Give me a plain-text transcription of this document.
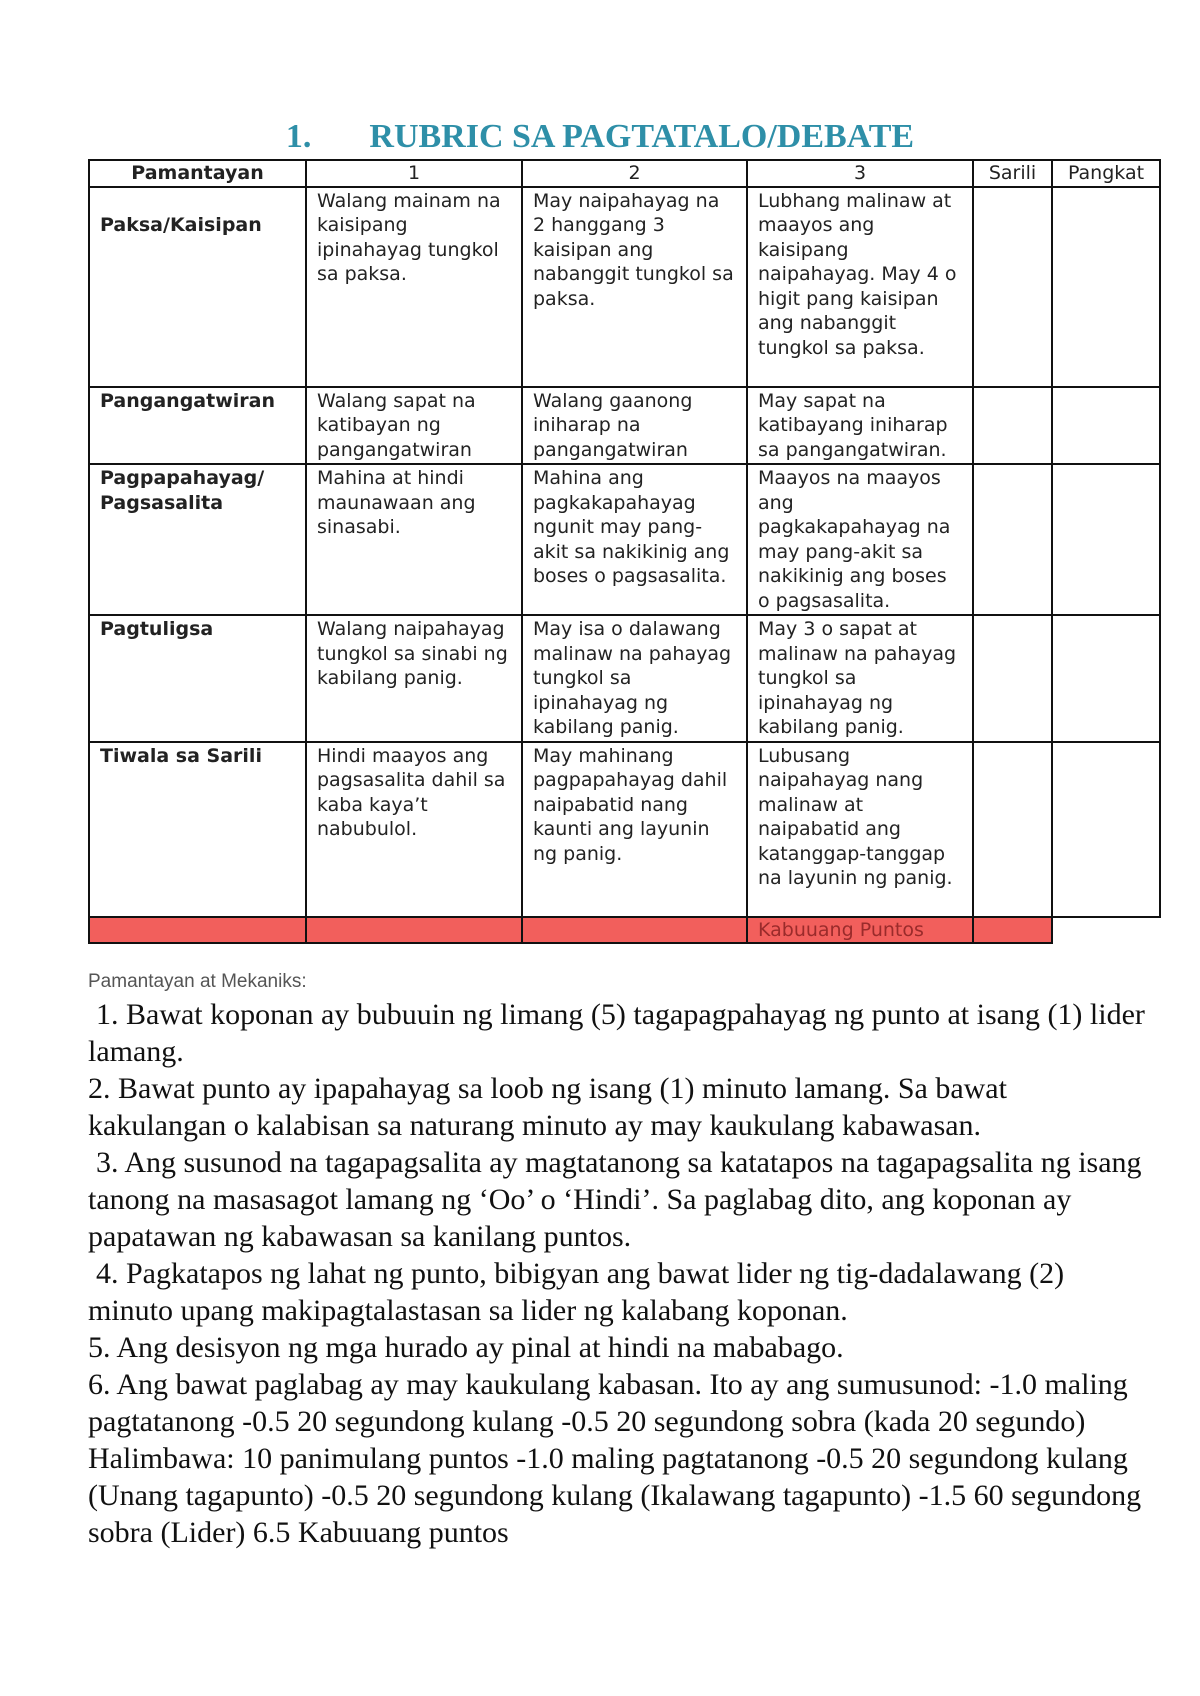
1. RUBRIC SA PAGTATALO/DEBATE
Pamantayan	1	2	3	Sarili	Pangkat
Paksa/Kaisipan	Walang mainam na kaisipang ipinahayag tungkol sa paksa.	May naipahayag na 2 hanggang 3 kaisipan ang nabanggit tungkol sa paksa.	Lubhang malinaw at maayos ang kaisipang naipahayag. May 4 o higit pang kaisipan ang nabanggit tungkol sa paksa.		
Pangangatwiran	Walang sapat na katibayan ng pangangatwiran	Walang gaanong iniharap na pangangatwiran	May sapat na katibayang iniharap sa pangangatwiran.		
Pagpapahayag/ Pagsasalita	Mahina at hindi maunawaan ang sinasabi.	Mahina ang pagkakapahayag ngunit may pang-akit sa nakikinig ang boses o pagsasalita.	Maayos na maayos ang pagkakapahayag na may pang-akit sa nakikinig ang boses o pagsasalita.		
Pagtuligsa	Walang naipahayag tungkol sa sinabi ng kabilang panig.	May isa o dalawang malinaw na pahayag tungkol sa ipinahayag ng kabilang panig.	May 3 o sapat at malinaw na pahayag tungkol sa ipinahayag ng kabilang panig.		
Tiwala sa Sarili	Hindi maayos ang pagsasalita dahil sa kaba kaya’t nabubulol.	May mahinang pagpapahayag dahil naipabatid nang kaunti ang layunin ng panig.	Lubusang naipahayag nang malinaw at naipabatid ang katanggap-tanggap na layunin ng panig.		
			Kabuuang Puntos		
Pamantayan at Mekaniks:
1. Bawat koponan ay bubuuin ng limang (5) tagapagpahayag ng punto at isang (1) lider lamang.
2. Bawat punto ay ipapahayag sa loob ng isang (1) minuto lamang. Sa bawat kakulangan o kalabisan sa naturang minuto ay may kaukulang kabawasan.
3. Ang susunod na tagapagsalita ay magtatanong sa katatapos na tagapagsalita ng isang tanong na masasagot lamang ng ‘Oo’ o ‘Hindi’. Sa paglabag dito, ang koponan ay papatawan ng kabawasan sa kanilang puntos.
4. Pagkatapos ng lahat ng punto, bibigyan ang bawat lider ng tig-dadalawang (2) minuto upang makipagtalastasan sa lider ng kalabang koponan.
5. Ang desisyon ng mga hurado ay pinal at hindi na mababago.
6. Ang bawat paglabag ay may kaukulang kabasan. Ito ay ang sumusunod: -1.0 maling pagtatanong -0.5 20 segundong kulang -0.5 20 segundong sobra (kada 20 segundo) Halimbawa: 10 panimulang puntos -1.0 maling pagtatanong -0.5 20 segundong kulang (Unang tagapunto) -0.5 20 segundong kulang (Ikalawang tagapunto) -1.5 60 segundong sobra (Lider) 6.5 Kabuuang puntos
